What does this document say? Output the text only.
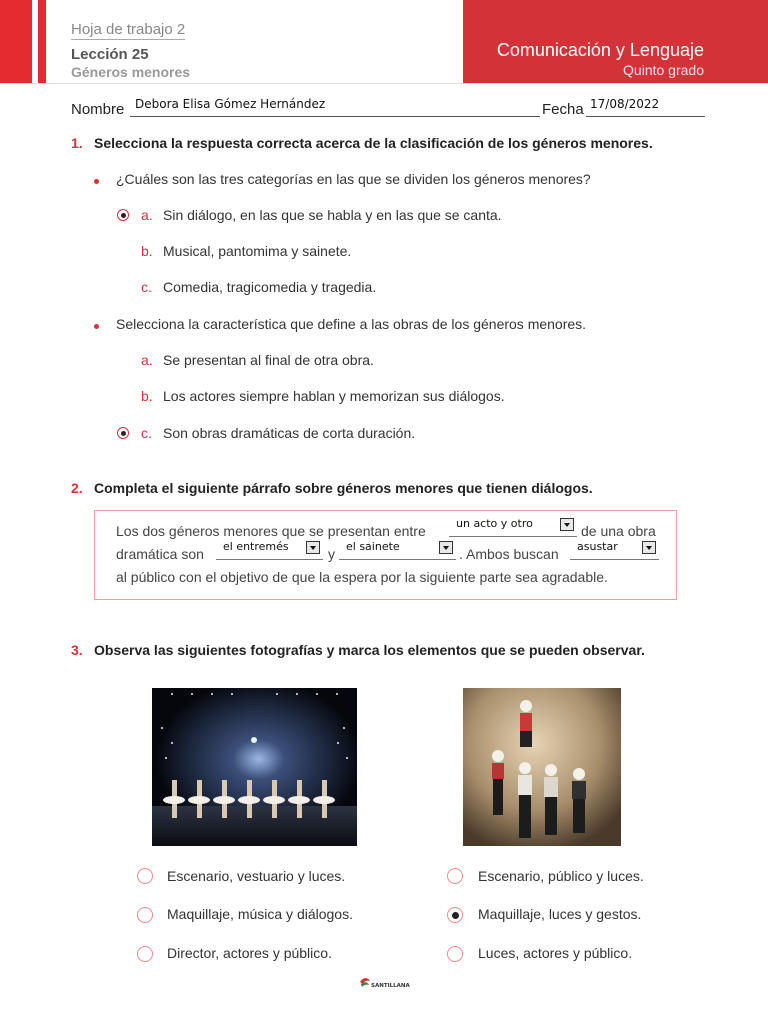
Hoja de trabajo 2
Lección 25
Géneros menores
Comunicación y Lenguaje
Quinto grado
Nombre Debora Elisa Gómez Hernández	Fecha 17/08/2022
1. Selecciona la respuesta correcta acerca de la clasificación de los géneros menores.
¿Cuáles son las tres categorías en las que se dividen los géneros menores?
a. Sin diálogo, en las que se habla y en las que se canta.
b. Musical, pantomima y sainete.
c. Comedia, tragicomedia y tragedia.
Selecciona la característica que define a las obras de los géneros menores.
a. Se presentan al final de otra obra.
b. Los actores siempre hablan y memorizan sus diálogos.
c. Son obras dramáticas de corta duración.
2. Completa el siguiente párrafo sobre géneros menores que tienen diálogos.
Los dos géneros menores que se presentan entre	un acto y otro	de una obra
dramática son el entremés	y el sainete	. Ambos buscan asustar
al público con el objetivo de que la espera por la siguiente parte sea agradable.
3. Observa las siguientes fotografías y marca los elementos que se pueden observar.
Escenario, vestuario y luces.
Maquillaje, música y diálogos.
Director, actores y público.
Escenario, público y luces.
Maquillaje, luces y gestos.
Luces, actores y público.
SANTILLANA
